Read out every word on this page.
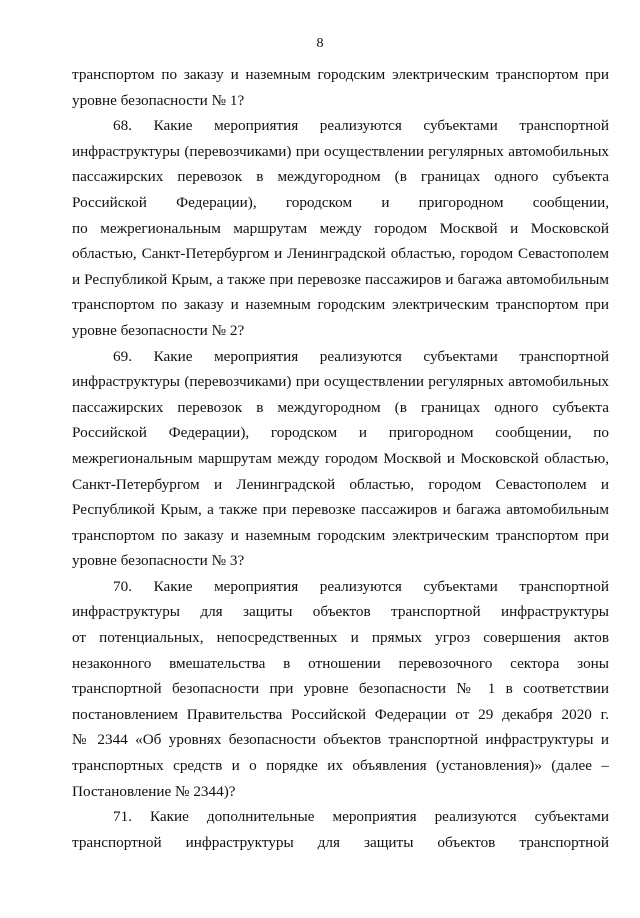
8
транспортом по заказу и наземным городским электрическим транспортом при
уровне безопасности № 1?
68. Какие мероприятия реализуются субъектами транспортной
инфраструктуры (перевозчиками) при осуществлении регулярных автомобильных
пассажирских перевозок в междугородном (в границах одного субъекта
Российской Федерации), городском и пригородном сообщении,
по межрегиональным маршрутам между городом Москвой и Московской
областью, Санкт-Петербургом и Ленинградской областью, городом Севастополем
и Республикой Крым, а также при перевозке пассажиров и багажа автомобильным
транспортом по заказу и наземным городским электрическим транспортом при
уровне безопасности № 2?
69. Какие мероприятия реализуются субъектами транспортной
инфраструктуры (перевозчиками) при осуществлении регулярных автомобильных
пассажирских перевозок в междугородном (в границах одного субъекта
Российской Федерации), городском и пригородном сообщении, по
межрегиональным маршрутам между городом Москвой и Московской областью,
Санкт-Петербургом и Ленинградской областью, городом Севастополем и
Республикой Крым, а также при перевозке пассажиров и багажа автомобильным
транспортом по заказу и наземным городским электрическим транспортом при
уровне безопасности № 3?
70. Какие мероприятия реализуются субъектами транспортной
инфраструктуры для защиты объектов транспортной инфраструктуры
от потенциальных, непосредственных и прямых угроз совершения актов
незаконного вмешательства в отношении перевозочного сектора зоны
транспортной безопасности при уровне безопасности № 1 в соответствии
постановлением Правительства Российской Федерации от 29 декабря 2020 г.
№ 2344 «Об уровнях безопасности объектов транспортной инфраструктуры и
транспортных средств и о порядке их объявления (установления)» (далее –
Постановление № 2344)?
71. Какие дополнительные мероприятия реализуются субъектами
транспортной инфраструктуры для защиты объектов транспортной
